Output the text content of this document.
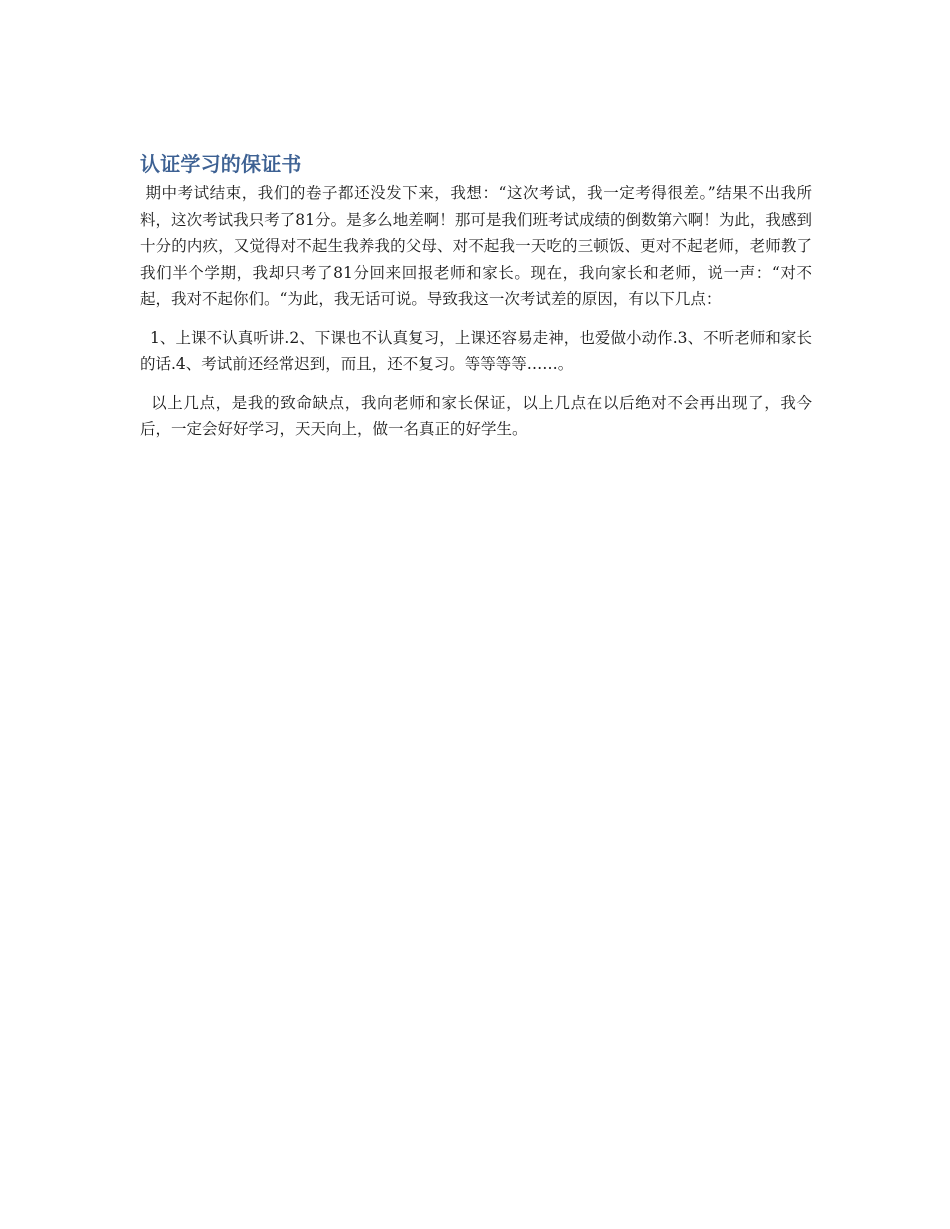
认证学习的保证书

期中考试结束，我们的卷子都还没发下来，我想：“这次考试，我一定考得很差。”结果不出我所料，这次考试我只考了81分。是多么地差啊！那可是我们班考试成绩的倒数第六啊！为此，我感到十分的内疚，又觉得对不起生我养我的父母、对不起我一天吃的三顿饭、更对不起老师，老师教了我们半个学期，我却只考了81分回来回报老师和家长。现在，我向家长和老师，说一声：“对不起，我对不起你们。“为此，我无话可说。导致我这一次考试差的原因，有以下几点：

1、上课不认真听讲.2、下课也不认真复习，上课还容易走神，也爱做小动作.3、不听老师和家长的话.4、考试前还经常迟到，而且，还不复习。等等等等……。

以上几点，是我的致命缺点，我向老师和家长保证，以上几点在以后绝对不会再出现了，我今后，一定会好好学习，天天向上，做一名真正的好学生。
